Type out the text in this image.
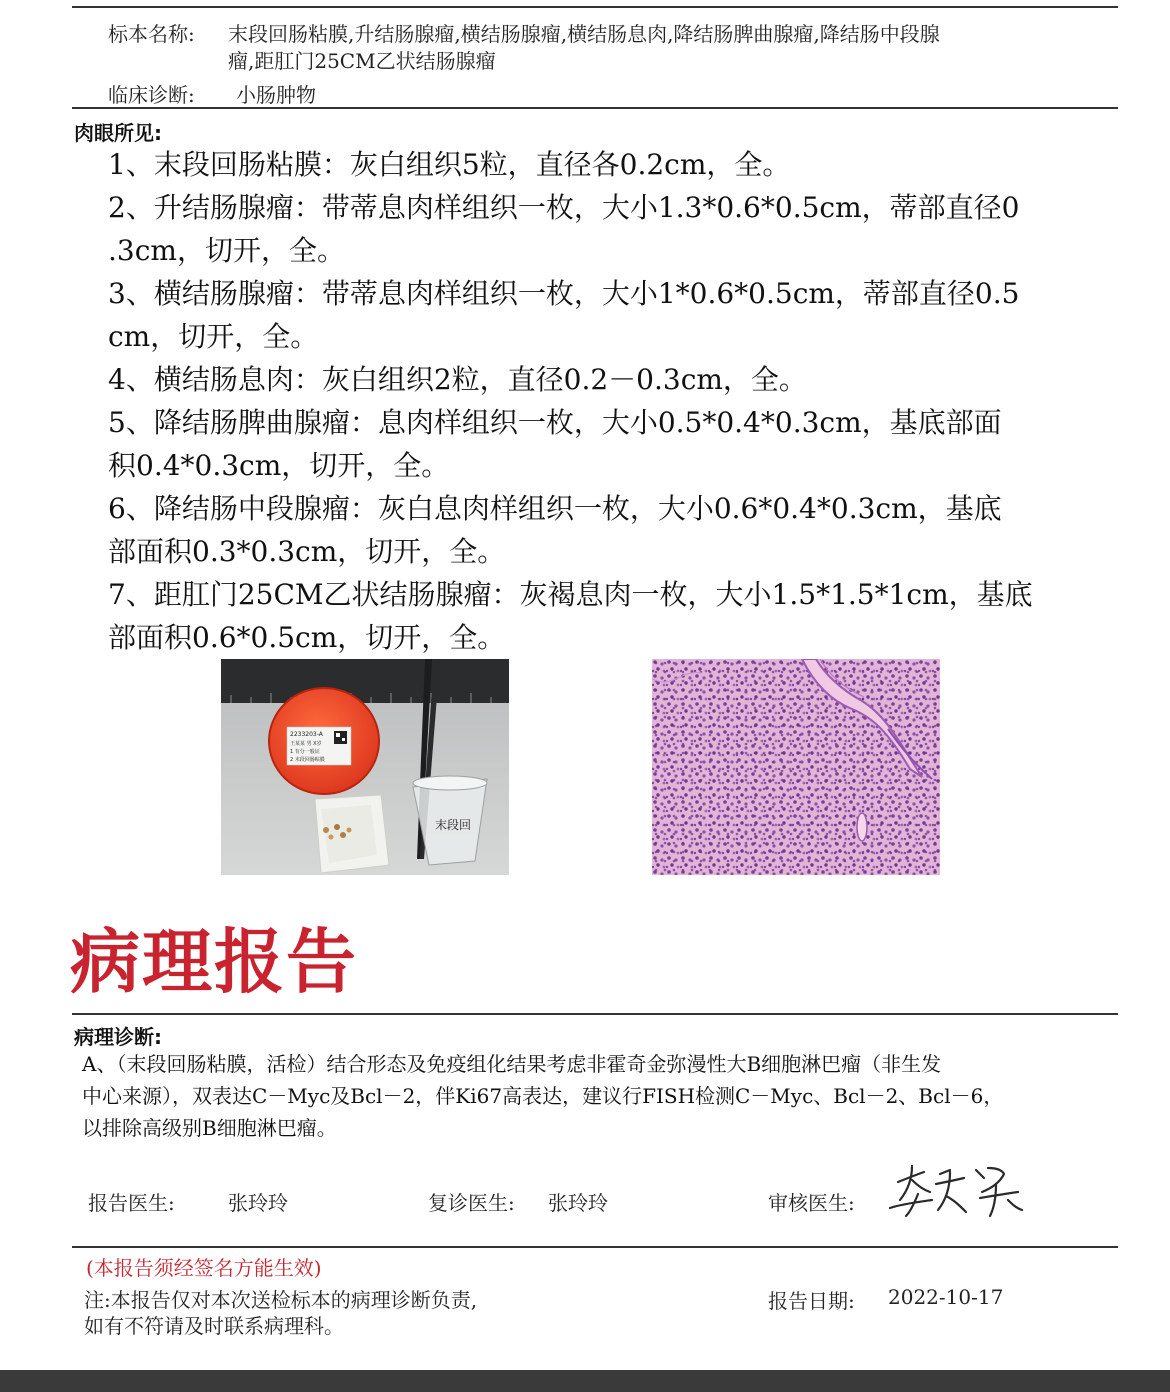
标本名称: 末段回肠粘膜,升结肠腺瘤,横结肠腺瘤,横结肠息肉,降结肠脾曲腺瘤,降结肠中段腺
瘤,距肛门25CM乙状结肠腺瘤
临床诊断: 小肠肿物
肉眼所见:
1、末段回肠粘膜：灰白组织5粒，直径各0.2cm，全。
2、升结肠腺瘤：带蒂息肉样组织一枚，大小1.3*0.6*0.5cm，蒂部直径0
.3cm，切开，全。
3、横结肠腺瘤：带蒂息肉样组织一枚，大小1*0.6*0.5cm，蒂部直径0.5
cm，切开，全。
4、横结肠息肉：灰白组织2粒，直径0.2－0.3cm，全。
5、降结肠脾曲腺瘤：息肉样组织一枚，大小0.5*0.4*0.3cm，基底部面
积0.4*0.3cm，切开，全。
6、降结肠中段腺瘤：灰白息肉样组织一枚，大小0.6*0.4*0.3cm，基底
部面积0.3*0.3cm，切开，全。
7、距肛门25CM乙状结肠腺瘤：灰褐息肉一枚，大小1.5*1.5*1cm，基底
部面积0.6*0.5cm，切开，全。
2233203-A
王某某 男 X岁
1 有分一般证
2 末段回肠粘膜
末段回
病理报告
病理诊断:
A、（末段回肠粘膜，活检）结合形态及免疫组化结果考虑非霍奇金弥漫性大B细胞淋巴瘤（非生发
中心来源），双表达C－Myc及Bcl－2，伴Ki67高表达，建议行FISH检测C－Myc、Bcl－2、Bcl－6，
以排除高级别B细胞淋巴瘤。
报告医生:	张玲玲	复诊医生: 张玲玲	审核医生:
(本报告须经签名方能生效)
注:本报告仅对本次送检标本的病理诊断负责,
如有不符请及时联系病理科。
报告日期: 2022-10-17
